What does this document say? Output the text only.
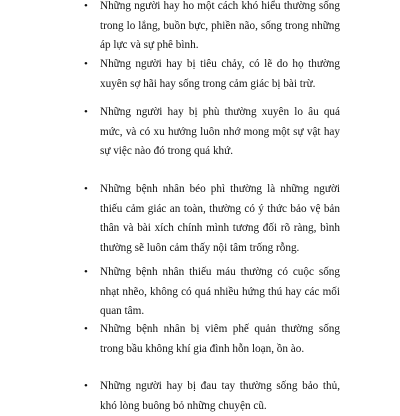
• Những người hay ho một cách khó hiểu thường sống trong lo lắng, buồn bực, phiền não, sống trong những áp lực và sự phê bình.
• Những người hay bị tiêu chảy, có lẽ do họ thường xuyên sợ hãi hay sống trong cảm giác bị bài trừ.
• Những người hay bị phù thường xuyên lo âu quá mức, và có xu hướng luôn nhớ mong một sự vật hay sự việc nào đó trong quá khứ.
• Những bệnh nhân béo phì thường là những người thiếu cảm giác an toàn, thường có ý thức bảo vệ bản thân và bài xích chính mình tương đối rõ ràng, bình thường sẽ luôn cảm thấy nội tâm trống rỗng.
• Những bệnh nhân thiếu máu thường có cuộc sống nhạt nhẽo, không có quá nhiều hứng thú hay các mối quan tâm.
• Những bệnh nhân bị viêm phế quản thường sống trong bầu không khí gia đình hỗn loạn, ồn ào.
• Những người hay bị đau tay thường sống bảo thủ, khó lòng buông bỏ những chuyện cũ.
